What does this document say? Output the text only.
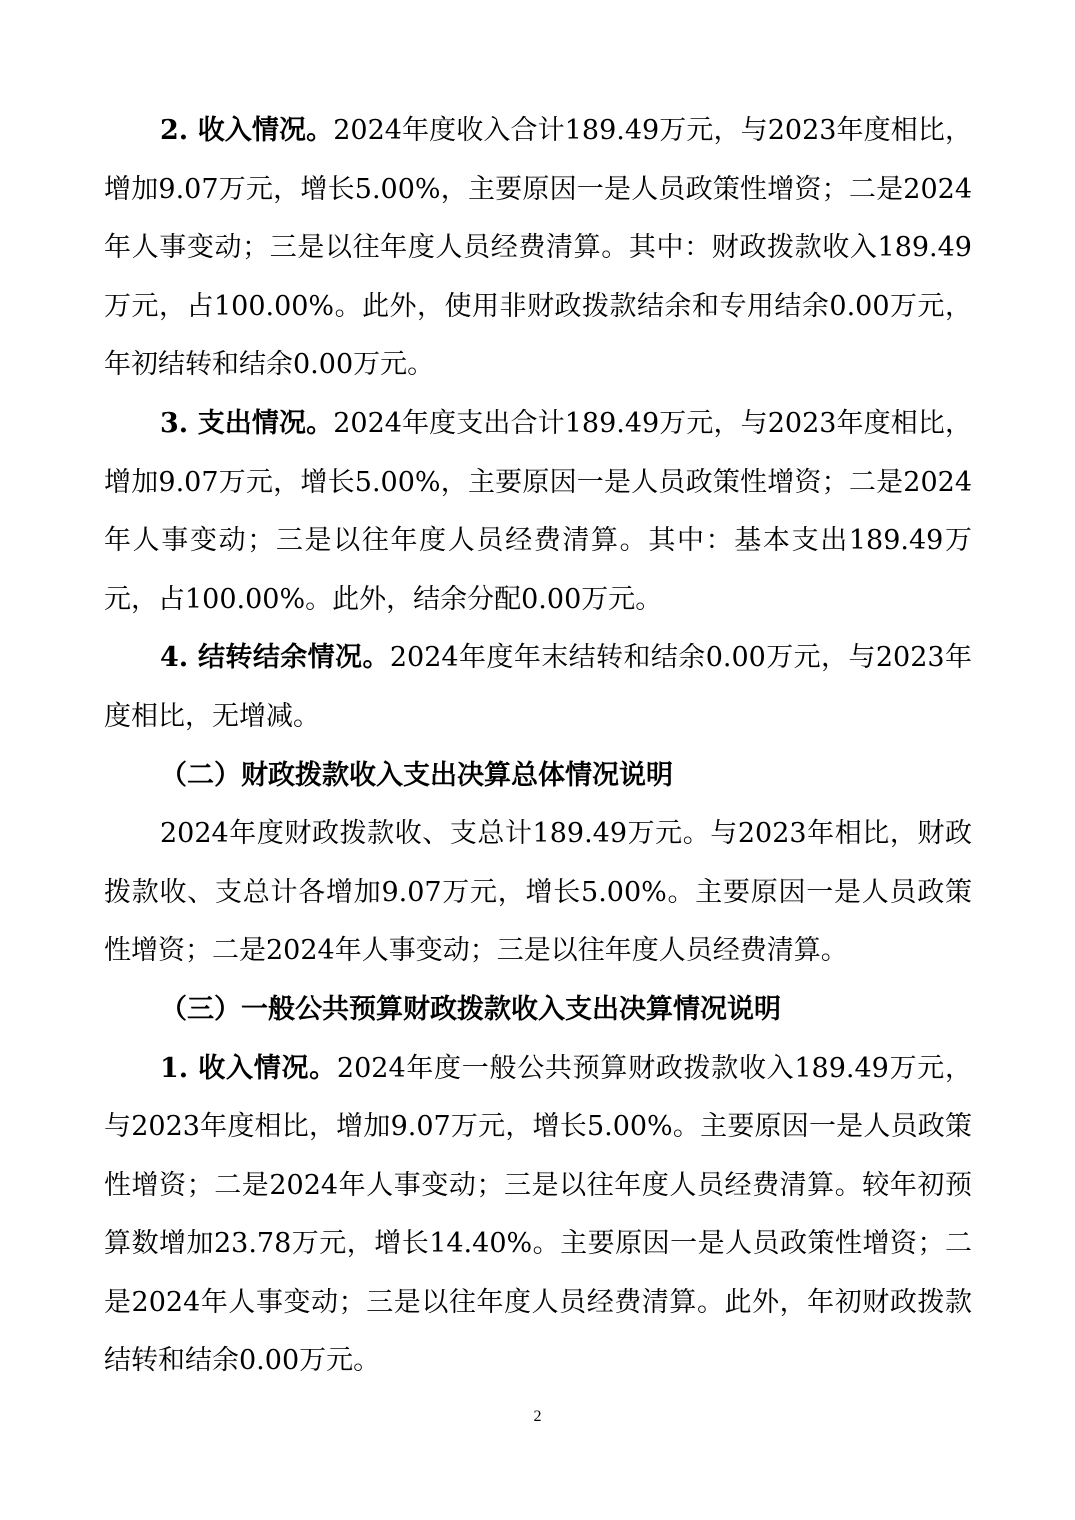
2. 收入情况。2024年度收入合计189.49万元，与2023年度相比，增加9.07万元，增长5.00%，主要原因一是人员政策性增资；二是2024年人事变动；三是以往年度人员经费清算。其中：财政拨款收入189.49万元，占100.00%。此外，使用非财政拨款结余和专用结余0.00万元，年初结转和结余0.00万元。

3. 支出情况。2024年度支出合计189.49万元，与2023年度相比，增加9.07万元，增长5.00%，主要原因一是人员政策性增资；二是2024年人事变动；三是以往年度人员经费清算。其中：基本支出189.49万元，占100.00%。此外，结余分配0.00万元。

4. 结转结余情况。2024年度年末结转和结余0.00万元，与2023年度相比，无增减。

（二）财政拨款收入支出决算总体情况说明

2024年度财政拨款收、支总计189.49万元。与2023年相比，财政拨款收、支总计各增加9.07万元，增长5.00%。主要原因一是人员政策性增资；二是2024年人事变动；三是以往年度人员经费清算。

（三）一般公共预算财政拨款收入支出决算情况说明

1. 收入情况。2024年度一般公共预算财政拨款收入189.49万元，与2023年度相比，增加9.07万元，增长5.00%。主要原因一是人员政策性增资；二是2024年人事变动；三是以往年度人员经费清算。较年初预算数增加23.78万元，增长14.40%。主要原因一是人员政策性增资；二是2024年人事变动；三是以往年度人员经费清算。此外，年初财政拨款结转和结余0.00万元。

2
